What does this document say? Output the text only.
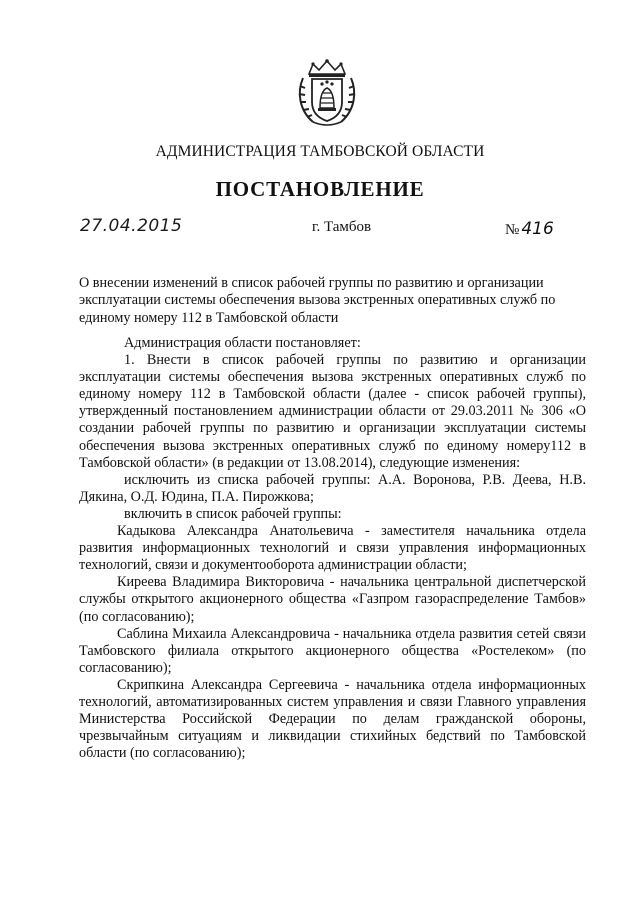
АДМИНИСТРАЦИЯ ТАМБОВСКОЙ ОБЛАСТИ
ПОСТАНОВЛЕНИЕ
27.04.2015	г. Тамбов	№ 416
О внесении изменений в список рабочей группы по развитию и организации эксплуатации системы обеспечения вызова экстренных оперативных служб по единому номеру 112 в Тамбовской области

Администрация области постановляет:

1. Внести в список рабочей группы по развитию и организации эксплуатации системы обеспечения вызова экстренных оперативных служб по единому номеру 112 в Тамбовской области (далее - список рабочей группы), утвержденный постановлением администрации области от 29.03.2011 № 306 «О создании рабочей группы по развитию и организации эксплуатации системы обеспечения вызова экстренных оперативных служб по единому номеру112 в Тамбовской области» (в редакции от 13.08.2014), следующие изменения:

исключить из списка рабочей группы: А.А. Воронова, Р.В. Деева, Н.В. Дякина, О.Д. Юдина, П.А. Пирожкова;

включить в список рабочей группы:

Кадыкова Александра Анатольевича - заместителя начальника отдела развития информационных технологий и связи управления информационных технологий, связи и документооборота администрации области;

Киреева Владимира Викторовича - начальника центральной диспетчерской службы открытого акционерного общества «Газпром газораспределение Тамбов» (по согласованию);

Саблина Михаила Александровича - начальника отдела развития сетей связи Тамбовского филиала открытого акционерного общества «Ростелеком» (по согласованию);

Скрипкина Александра Сергеевича - начальника отдела информационных технологий, автоматизированных систем управления и связи Главного управления Министерства Российской Федерации по делам гражданской обороны, чрезвычайным ситуациям и ликвидации стихийных бедствий по Тамбовской области (по согласованию);
